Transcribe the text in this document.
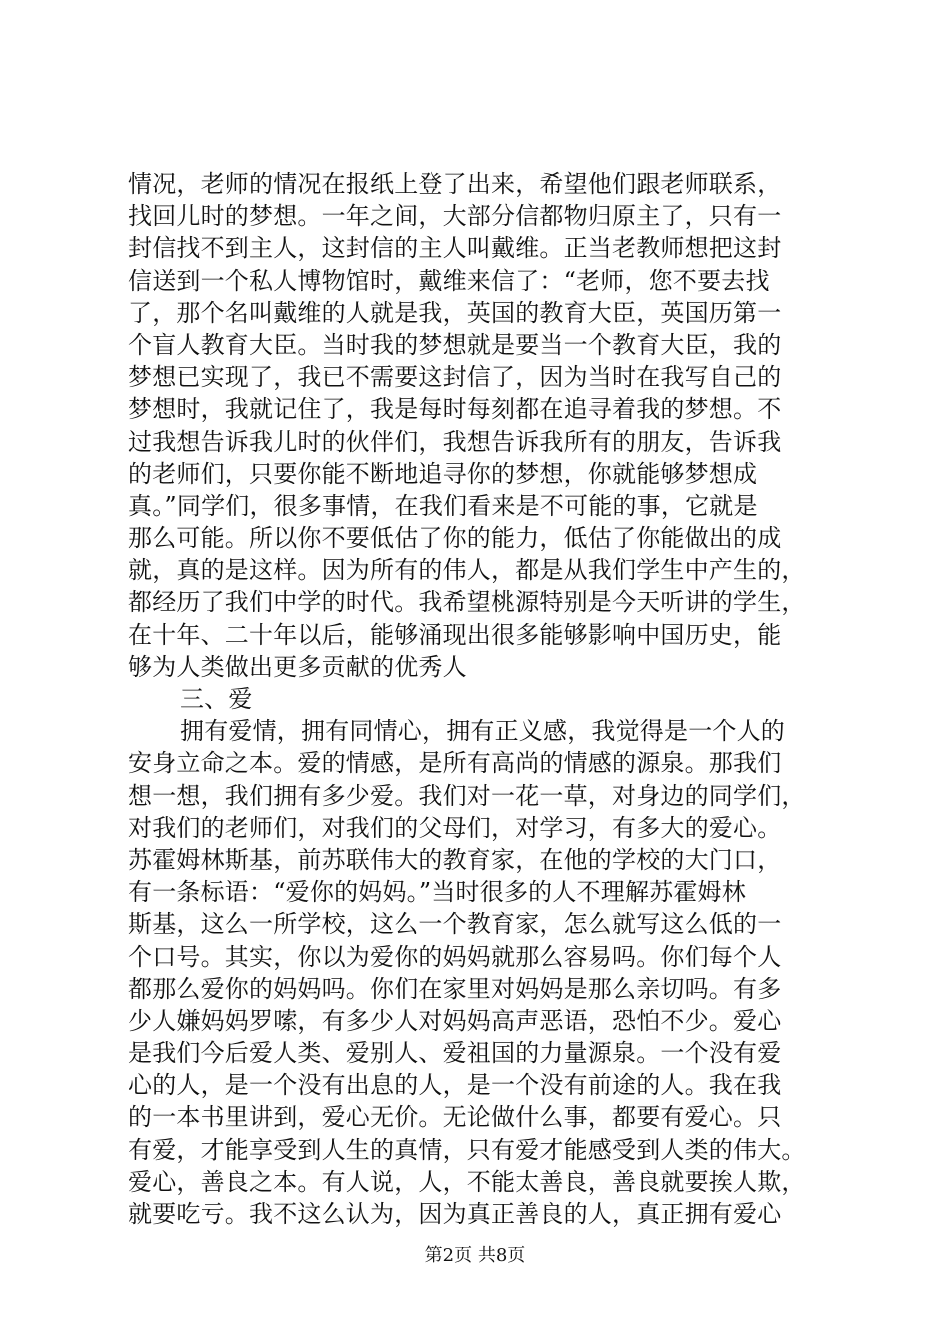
情况，老师的情况在报纸上登了出来，希望他们跟老师联系，
找回儿时的梦想。一年之间，大部分信都物归原主了，只有一
封信找不到主人，这封信的主人叫戴维。正当老教师想把这封
信送到一个私人博物馆时，戴维来信了：“老师，您不要去找
了，那个名叫戴维的人就是我，英国的教育大臣，英国历第一
个盲人教育大臣。当时我的梦想就是要当一个教育大臣，我的
梦想已实现了，我已不需要这封信了，因为当时在我写自己的
梦想时，我就记住了，我是每时每刻都在追寻着我的梦想。不
过我想告诉我儿时的伙伴们，我想告诉我所有的朋友，告诉我
的老师们，只要你能不断地追寻你的梦想，你就能够梦想成
真。”同学们，很多事情，在我们看来是不可能的事，它就是
那么可能。所以你不要低估了你的能力，低估了你能做出的成
就，真的是这样。因为所有的伟人，都是从我们学生中产生的，
都经历了我们中学的时代。我希望桃源特别是今天听讲的学生，
在十年、二十年以后，能够涌现出很多能够影响中国历史，能
够为人类做出更多贡献的优秀人
三、爱
拥有爱情，拥有同情心，拥有正义感，我觉得是一个人的
安身立命之本。爱的情感，是所有高尚的情感的源泉。那我们
想一想，我们拥有多少爱。我们对一花一草，对身边的同学们，
对我们的老师们，对我们的父母们，对学习，有多大的爱心。
苏霍姆林斯基，前苏联伟大的教育家，在他的学校的大门口，
有一条标语：“爱你的妈妈。”当时很多的人不理解苏霍姆林
斯基，这么一所学校，这么一个教育家，怎么就写这么低的一
个口号。其实，你以为爱你的妈妈就那么容易吗。你们每个人
都那么爱你的妈妈吗。你们在家里对妈妈是那么亲切吗。有多
少人嫌妈妈罗嗦，有多少人对妈妈高声恶语，恐怕不少。爱心
是我们今后爱人类、爱别人、爱祖国的力量源泉。一个没有爱
心的人，是一个没有出息的人，是一个没有前途的人。我在我
的一本书里讲到，爱心无价。无论做什么事，都要有爱心。只
有爱，才能享受到人生的真情，只有爱才能感受到人类的伟大。
爱心，善良之本。有人说，人，不能太善良，善良就要挨人欺，
就要吃亏。我不这么认为，因为真正善良的人，真正拥有爱心
第2页 共8页
